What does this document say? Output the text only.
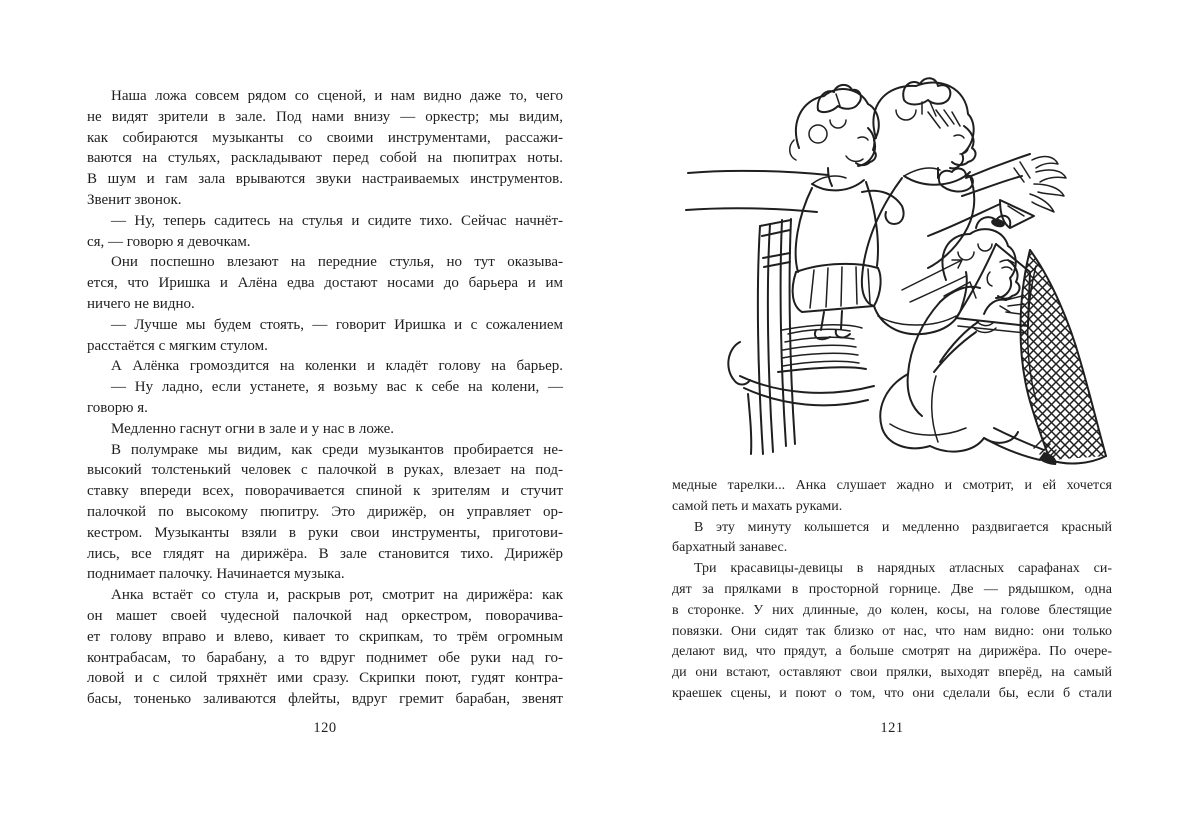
Наша ложа совсем рядом со сценой, и нам видно даже то, чего
не видят зрители в зале. Под нами внизу — оркестр; мы видим,
как собираются музыканты со своими инструментами, рассажи-
ваются на стульях, раскладывают перед собой на пюпитрах ноты.
В шум и гам зала врываются звуки настраиваемых инструментов.
Звенит звонок.
— Ну, теперь садитесь на стулья и сидите тихо. Сейчас начнёт-
ся, — говорю я девочкам.
Они поспешно влезают на передние стулья, но тут оказыва-
ется, что Иришка и Алёна едва достают носами до барьера и им
ничего не видно.
— Лучше мы будем стоять, — говорит Иришка и с сожалением
расстаётся с мягким стулом.
А Алёнка громоздится на коленки и кладёт голову на барьер.
— Ну ладно, если устанете, я возьму вас к себе на колени, —
говорю я.
Медленно гаснут огни в зале и у нас в ложе.
В полумраке мы видим, как среди музыкантов пробирается не-
высокий толстенький человек с палочкой в руках, влезает на под-
ставку впереди всех, поворачивается спиной к зрителям и стучит
палочкой по высокому пюпитру. Это дирижёр, он управляет ор-
кестром. Музыканты взяли в руки свои инструменты, приготови-
лись, все глядят на дирижёра. В зале становится тихо. Дирижёр
поднимает палочку. Начинается музыка.
Анка встаёт со стула и, раскрыв рот, смотрит на дирижёра: как
он машет своей чудесной палочкой над оркестром, поворачива-
ет голову вправо и влево, кивает то скрипкам, то трём огромным
контрабасам, то барабану, а то вдруг поднимет обе руки над го-
ловой и с силой тряхнёт ими сразу. Скрипки поют, гудят контра-
басы, тоненько заливаются флейты, вдруг гремит барабан, звенят
120
медные тарелки... Анка слушает жадно и смотрит, и ей хочется
самой петь и махать руками.
В эту минуту колышется и медленно раздвигается красный
бархатный занавес.
Три красавицы-девицы в нарядных атласных сарафанах си-
дят за прялками в просторной горнице. Две — рядышком, одна
в сторонке. У них длинные, до колен, косы, на голове блестящие
повязки. Они сидят так близко от нас, что нам видно: они только
делают вид, что прядут, а больше смотрят на дирижёра. По очере-
ди они встают, оставляют свои прялки, выходят вперёд, на самый
краешек сцены, и поют о том, что они сделали бы, если б стали
121
